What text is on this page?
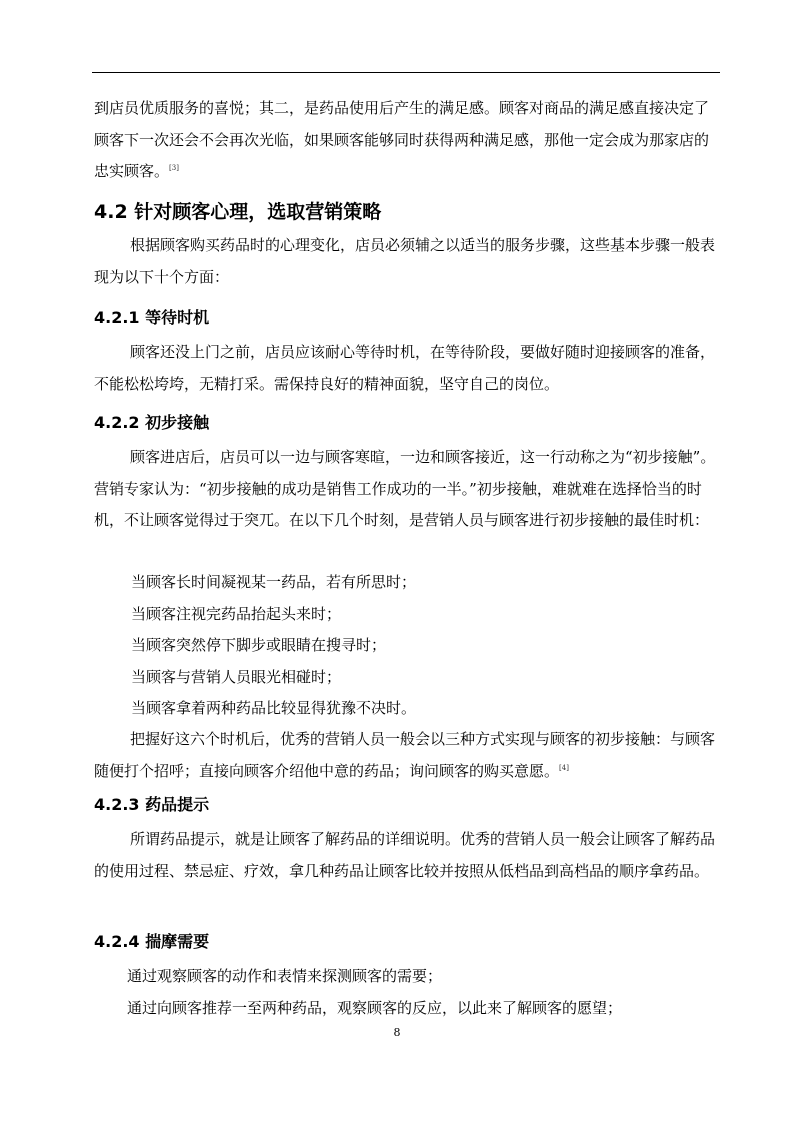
到店员优质服务的喜悦；其二，是药品使用后产生的满足感。顾客对商品的满足感直接决定了顾客下一次还会不会再次光临，如果顾客能够同时获得两种满足感，那他一定会成为那家店的忠实顾客。[3]

4.2 针对顾客心理，选取营销策略

根据顾客购买药品时的心理变化，店员必须辅之以适当的服务步骤，这些基本步骤一般表现为以下十个方面：

4.2.1 等待时机

顾客还没上门之前，店员应该耐心等待时机，在等待阶段，要做好随时迎接顾客的准备，不能松松垮垮，无精打采。需保持良好的精神面貌，坚守自己的岗位。

4.2.2 初步接触

顾客进店后，店员可以一边与顾客寒暄，一边和顾客接近，这一行动称之为“初步接触”。营销专家认为：“初步接触的成功是销售工作成功的一半。”初步接触，难就难在选择恰当的时机，不让顾客觉得过于突兀。在以下几个时刻，是营销人员与顾客进行初步接触的最佳时机：

当顾客长时间凝视某一药品，若有所思时；

当顾客注视完药品抬起头来时；

当顾客突然停下脚步或眼睛在搜寻时；

当顾客与营销人员眼光相碰时；

当顾客拿着两种药品比较显得犹豫不决时。

把握好这六个时机后，优秀的营销人员一般会以三种方式实现与顾客的初步接触：与顾客随便打个招呼；直接向顾客介绍他中意的药品；询问顾客的购买意愿。[4]

4.2.3 药品提示

所谓药品提示，就是让顾客了解药品的详细说明。优秀的营销人员一般会让顾客了解药品的使用过程、禁忌症、疗效，拿几种药品让顾客比较并按照从低档品到高档品的顺序拿药品。

4.2.4 揣摩需要

通过观察顾客的动作和表情来探测顾客的需要；

通过向顾客推荐一至两种药品，观察顾客的反应，以此来了解顾客的愿望；

8
